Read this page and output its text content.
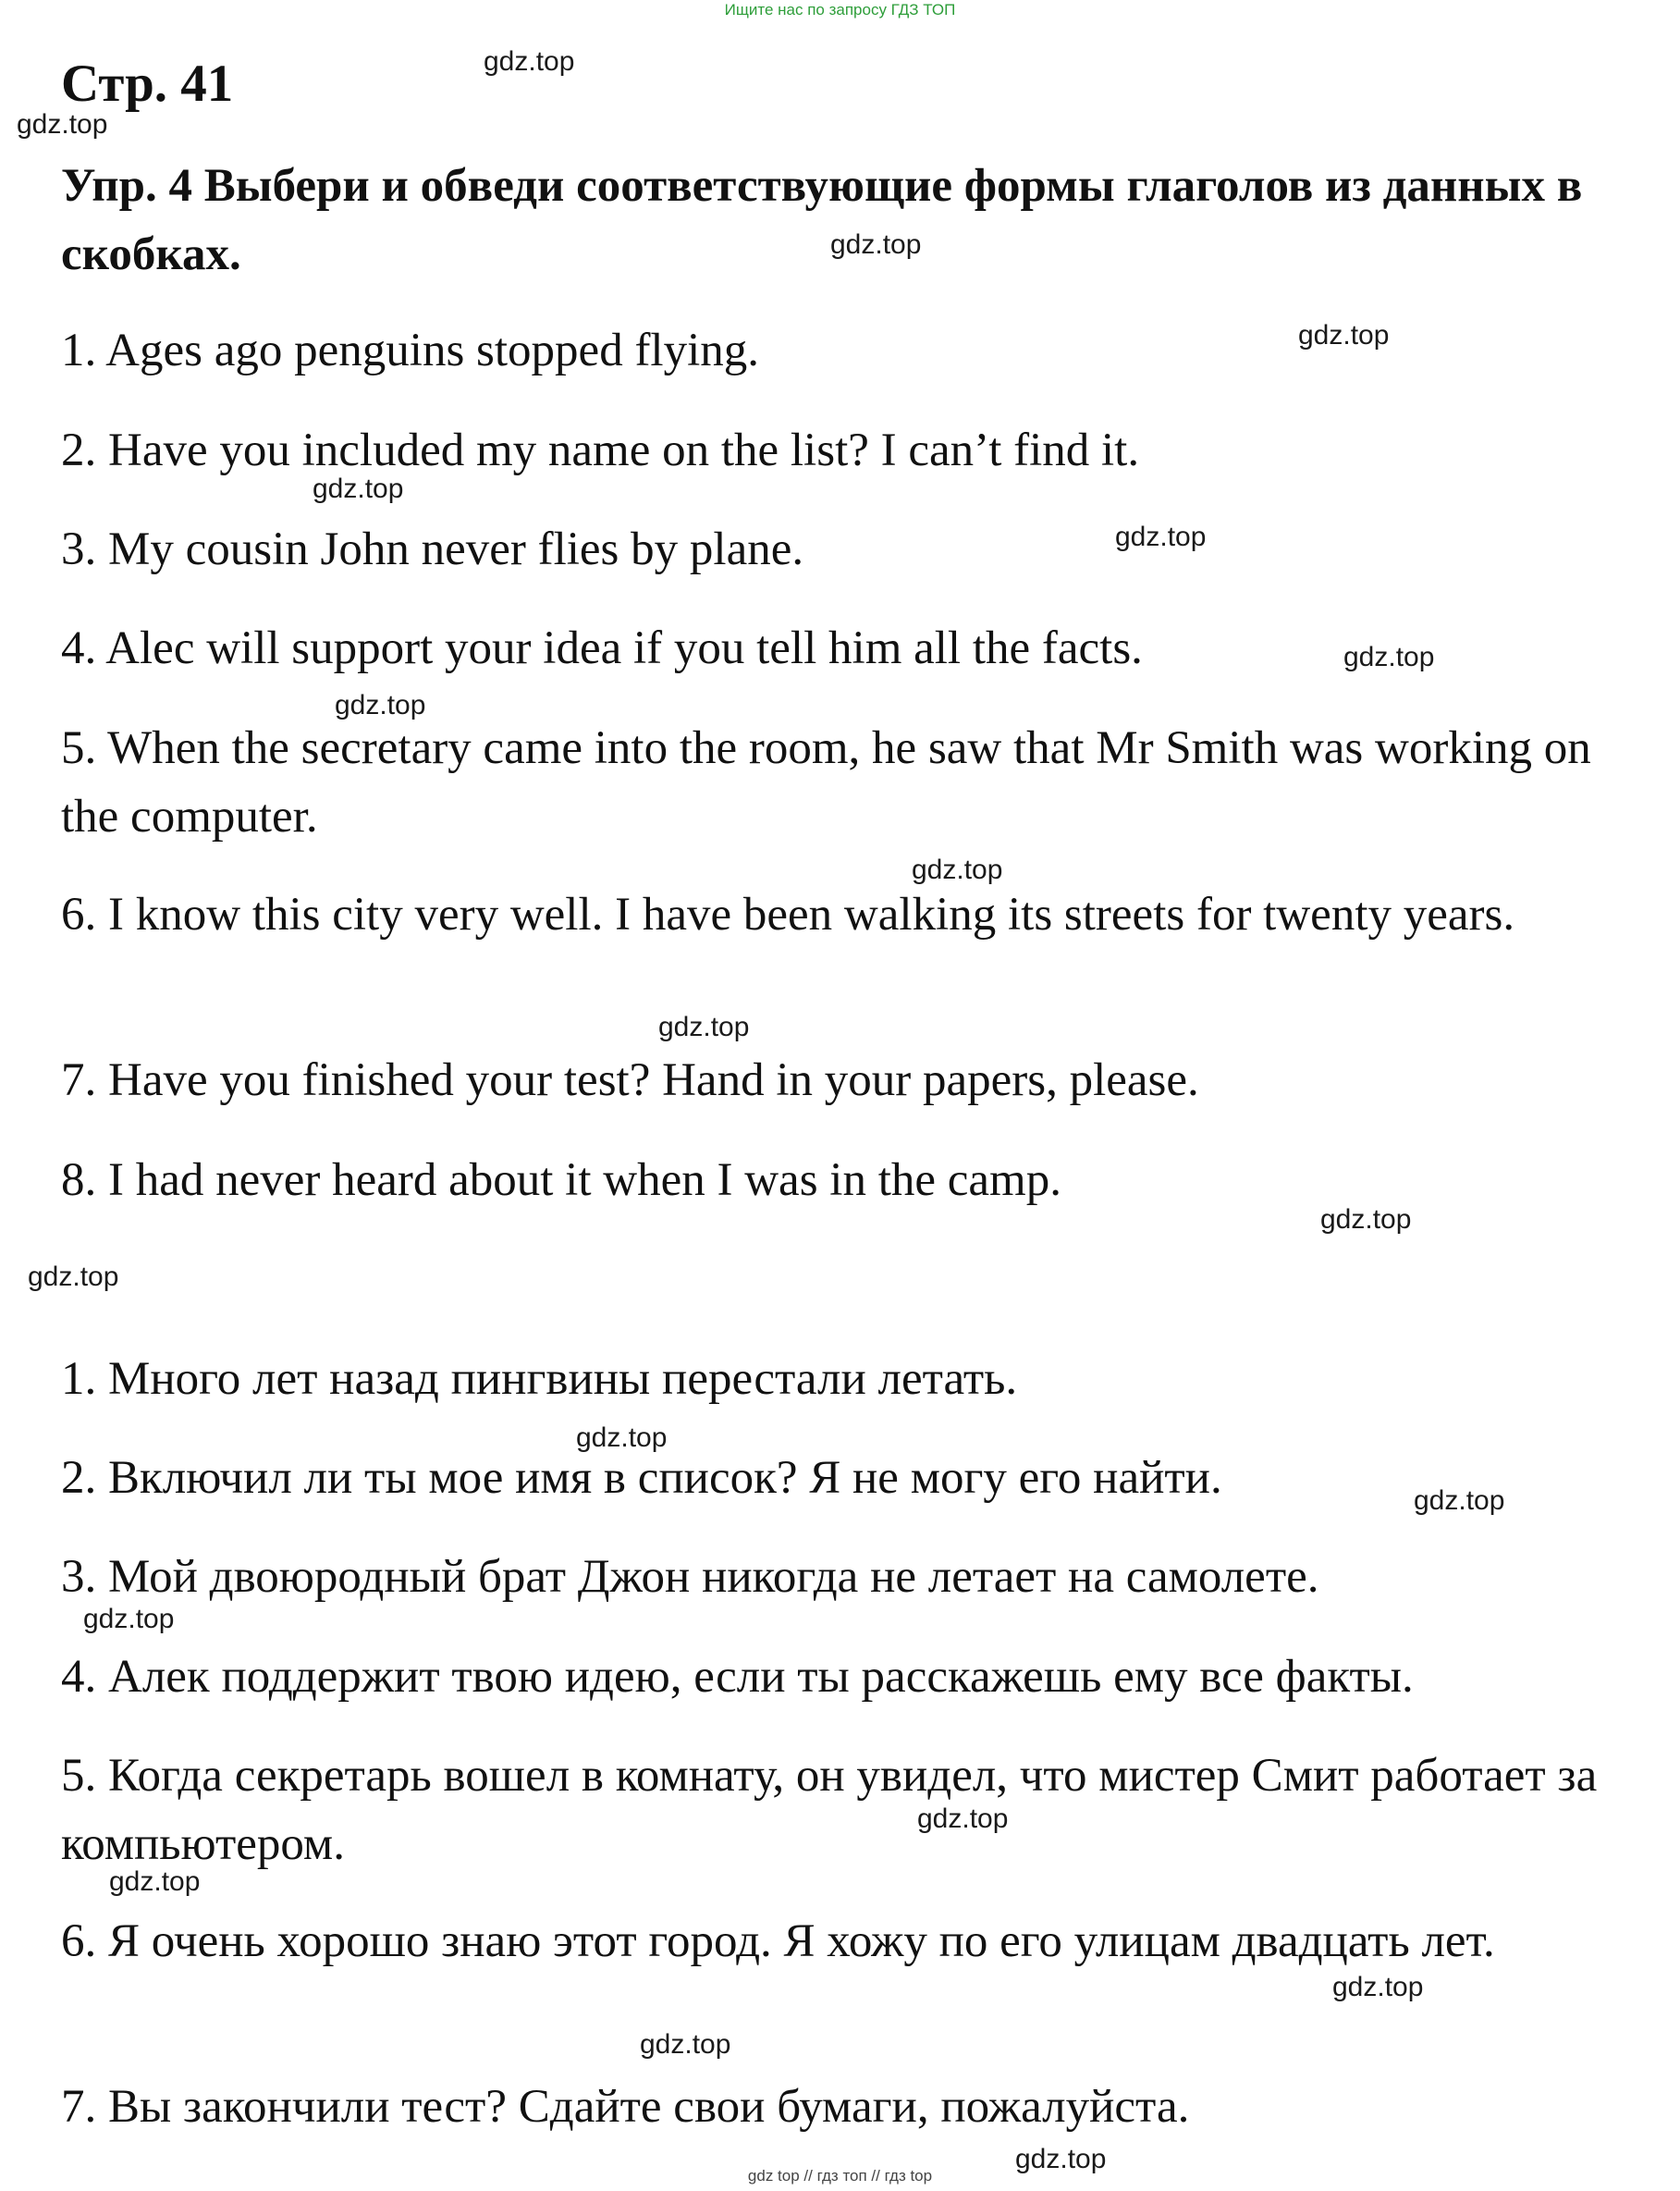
Ищите нас по запросу ГДЗ ТОП
Стр. 41
Упр. 4 Выбери и обведи соответствующие формы глаголов из данных в скобках.
1. Ages ago penguins stopped flying.
2. Have you included my name on the list? I can’t find it.
3. My cousin John never flies by plane.
4. Alec will support your idea if you tell him all the facts.
5. When the secretary came into the room, he saw that Mr Smith was working on the computer.
6. I know this city very well. I have been walking its streets for twenty years.
7. Have you finished your test? Hand in your papers, please.
8. I had never heard about it when I was in the camp.
1. Много лет назад пингвины перестали летать.
2. Включил ли ты мое имя в список? Я не могу его найти.
3. Мой двоюродный брат Джон никогда не летает на самолете.
4. Алек поддержит твою идею, если ты расскажешь ему все факты.
5. Когда секретарь вошел в комнату, он увидел, что мистер Смит работает за компьютером.
6. Я очень хорошо знаю этот город. Я хожу по его улицам двадцать лет.
7. Вы закончили тест? Сдайте свои бумаги, пожалуйста.
gdz.top
gdz.top
gdz.top
gdz.top
gdz.top
gdz.top
gdz.top
gdz.top
gdz.top
gdz.top
gdz.top
gdz.top
gdz.top
gdz.top
gdz.top
gdz.top
gdz.top
gdz.top
gdz.top
gdz.top
gdz top // гдз топ // гдз top
